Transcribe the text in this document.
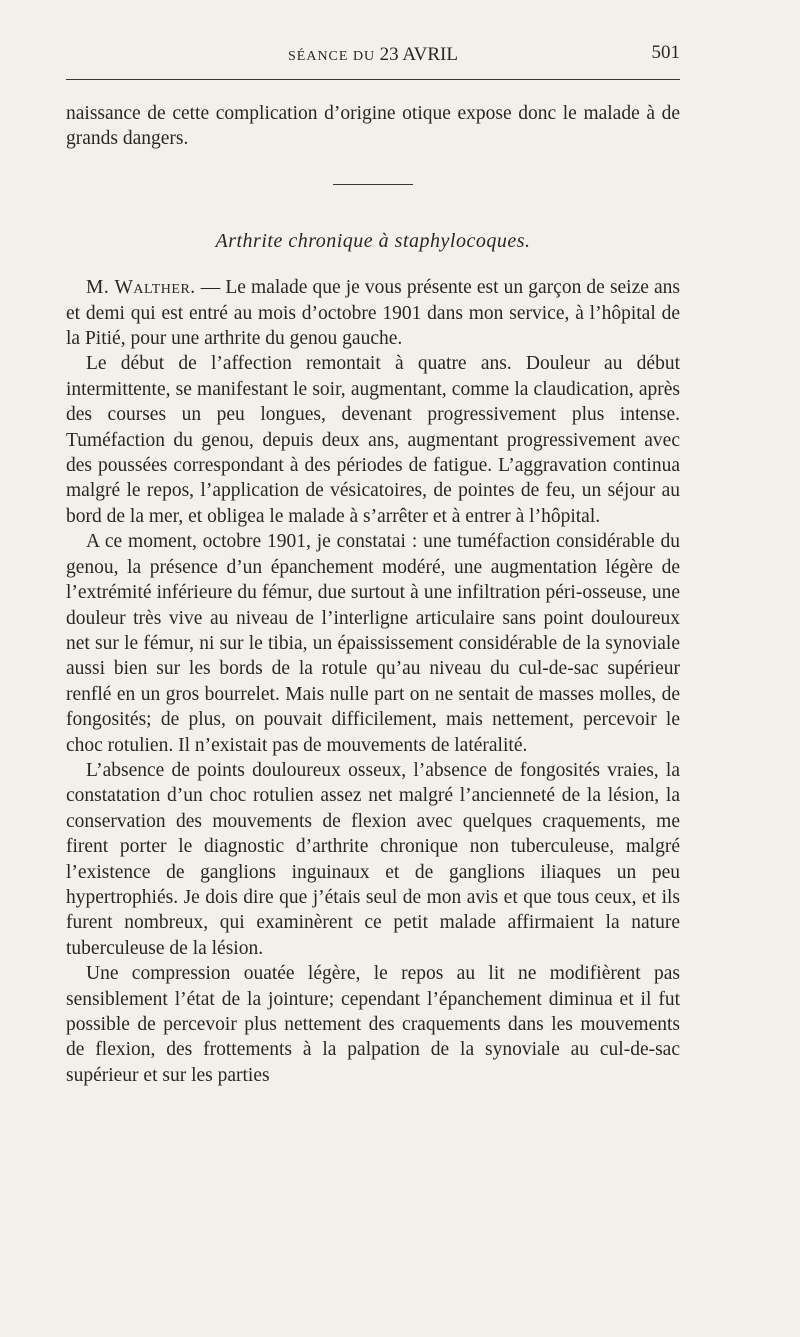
SÉANCE DU 23 AVRIL	501

naissance de cette complication d’origine otique expose donc le malade à de grands dangers.

Arthrite chronique à staphylocoques.

M. Walther. — Le malade que je vous présente est un garçon de seize ans et demi qui est entré au mois d’octobre 1901 dans mon service, à l’hôpital de la Pitié, pour une arthrite du genou gauche.

Le début de l’affection remontait à quatre ans. Douleur au début intermittente, se manifestant le soir, augmentant, comme la claudication, après des courses un peu longues, devenant progressivement plus intense. Tuméfaction du genou, depuis deux ans, augmentant progressivement avec des poussées correspondant à des périodes de fatigue. L’aggravation continua malgré le repos, l’application de vésicatoires, de pointes de feu, un séjour au bord de la mer, et obligea le malade à s’arrêter et à entrer à l’hôpital.

A ce moment, octobre 1901, je constatai : une tuméfaction considérable du genou, la présence d’un épanchement modéré, une augmentation légère de l’extrémité inférieure du fémur, due surtout à une infiltration péri-osseuse, une douleur très vive au niveau de l’interligne articulaire sans point douloureux net sur le fémur, ni sur le tibia, un épaississement considérable de la synoviale aussi bien sur les bords de la rotule qu’au niveau du cul-de-sac supérieur renflé en un gros bourrelet. Mais nulle part on ne sentait de masses molles, de fongosités; de plus, on pouvait difficilement, mais nettement, percevoir le choc rotulien. Il n’existait pas de mouvements de latéralité.

L’absence de points douloureux osseux, l’absence de fongosités vraies, la constatation d’un choc rotulien assez net malgré l’ancienneté de la lésion, la conservation des mouvements de flexion avec quelques craquements, me firent porter le diagnostic d’arthrite chronique non tuberculeuse, malgré l’existence de ganglions inguinaux et de ganglions iliaques un peu hypertrophiés. Je dois dire que j’étais seul de mon avis et que tous ceux, et ils furent nombreux, qui examinèrent ce petit malade affirmaient la nature tuberculeuse de la lésion.

Une compression ouatée légère, le repos au lit ne modifièrent pas sensiblement l’état de la jointure; cependant l’épanchement diminua et il fut possible de percevoir plus nettement des craquements dans les mouvements de flexion, des frottements à la palpation de la synoviale au cul-de-sac supérieur et sur les parties
